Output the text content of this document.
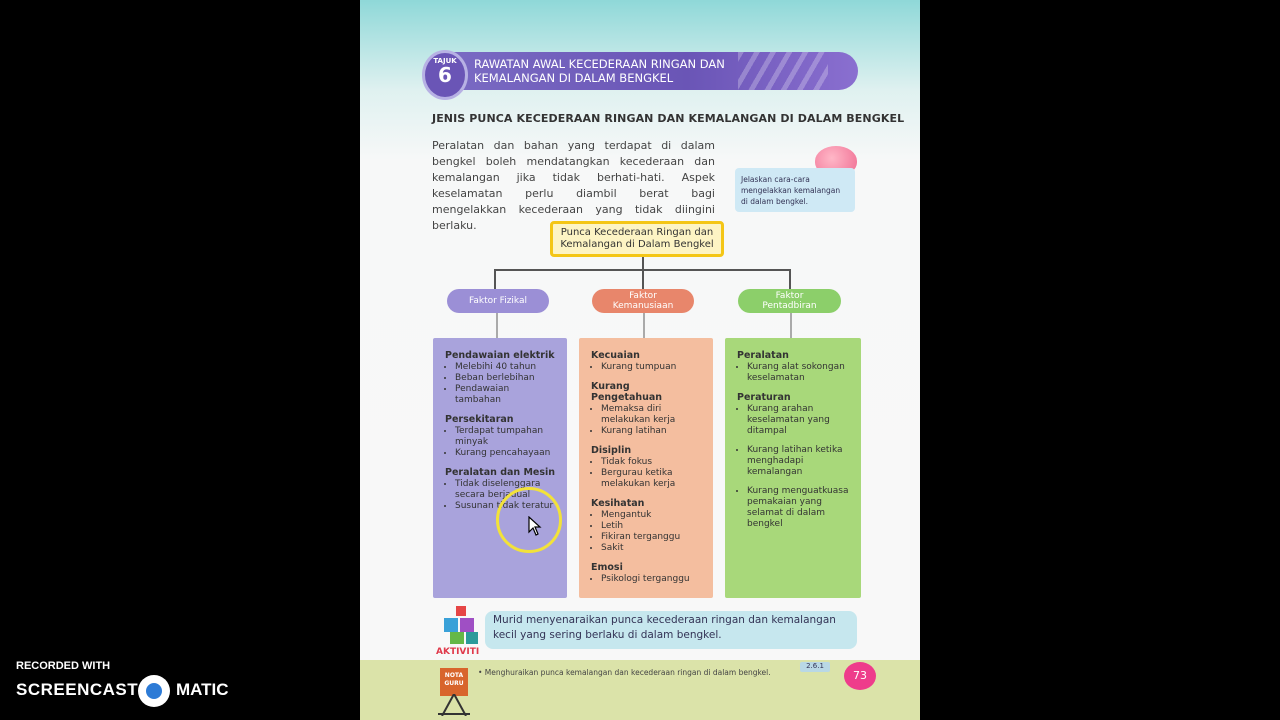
TAJUK
6	RAWATAN AWAL KECEDERAAN RINGAN DAN
KEMALANGAN DI DALAM BENGKEL
JENIS PUNCA KECEDERAAN RINGAN DAN KEMALANGAN DI DALAM BENGKEL
Peralatan dan bahan yang terdapat di dalam bengkel boleh mendatangkan kecederaan dan kemalangan jika tidak berhati-hati. Aspek keselamatan perlu diambil berat bagi mengelakkan kecederaan yang tidak diingini berlaku.
Jelaskan cara-cara mengelakkan kemalangan di dalam bengkel.
Punca Kecederaan Ringan dan
Kemalangan di Dalam Bengkel
Faktor Fizikal	Faktor
Kemanusiaan
Faktor
Pentadbiran
Pendawaian elektrik
• Melebihi 40 tahun
• Beban berlebihan
• Pendawaian tambahan
Persekitaran
• Terdapat tumpahan minyak
• Kurang pencahayaan
Peralatan dan Mesin
• Tidak diselenggara secara berjadual
• Susunan tidak teratur
Kecuaian
• Kurang tumpuan
Kurang Pengetahuan
• Memaksa diri melakukan kerja
• Kurang latihan
Disiplin
• Tidak fokus
• Bergurau ketika melakukan kerja
Kesihatan
• Mengantuk
• Letih
• Fikiran terganggu
• Sakit
Emosi
• Psikologi terganggu
Peralatan
• Kurang alat sokongan keselamatan
Peraturan
• Kurang arahan keselamatan yang ditampal
• Kurang latihan ketika menghadapi kemalangan
• Kurang menguatkuasa pemakaian yang selamat di dalam bengkel
AKTIVITI
Murid menyenaraikan punca kecederaan ringan dan kemalangan kecil yang sering berlaku di dalam bengkel.
NOTA
GURU
• Menghuraikan punca kemalangan dan kecederaan ringan di dalam bengkel.
2.6.1
73
RECORDED WITH
SCREENCAST MATIC
